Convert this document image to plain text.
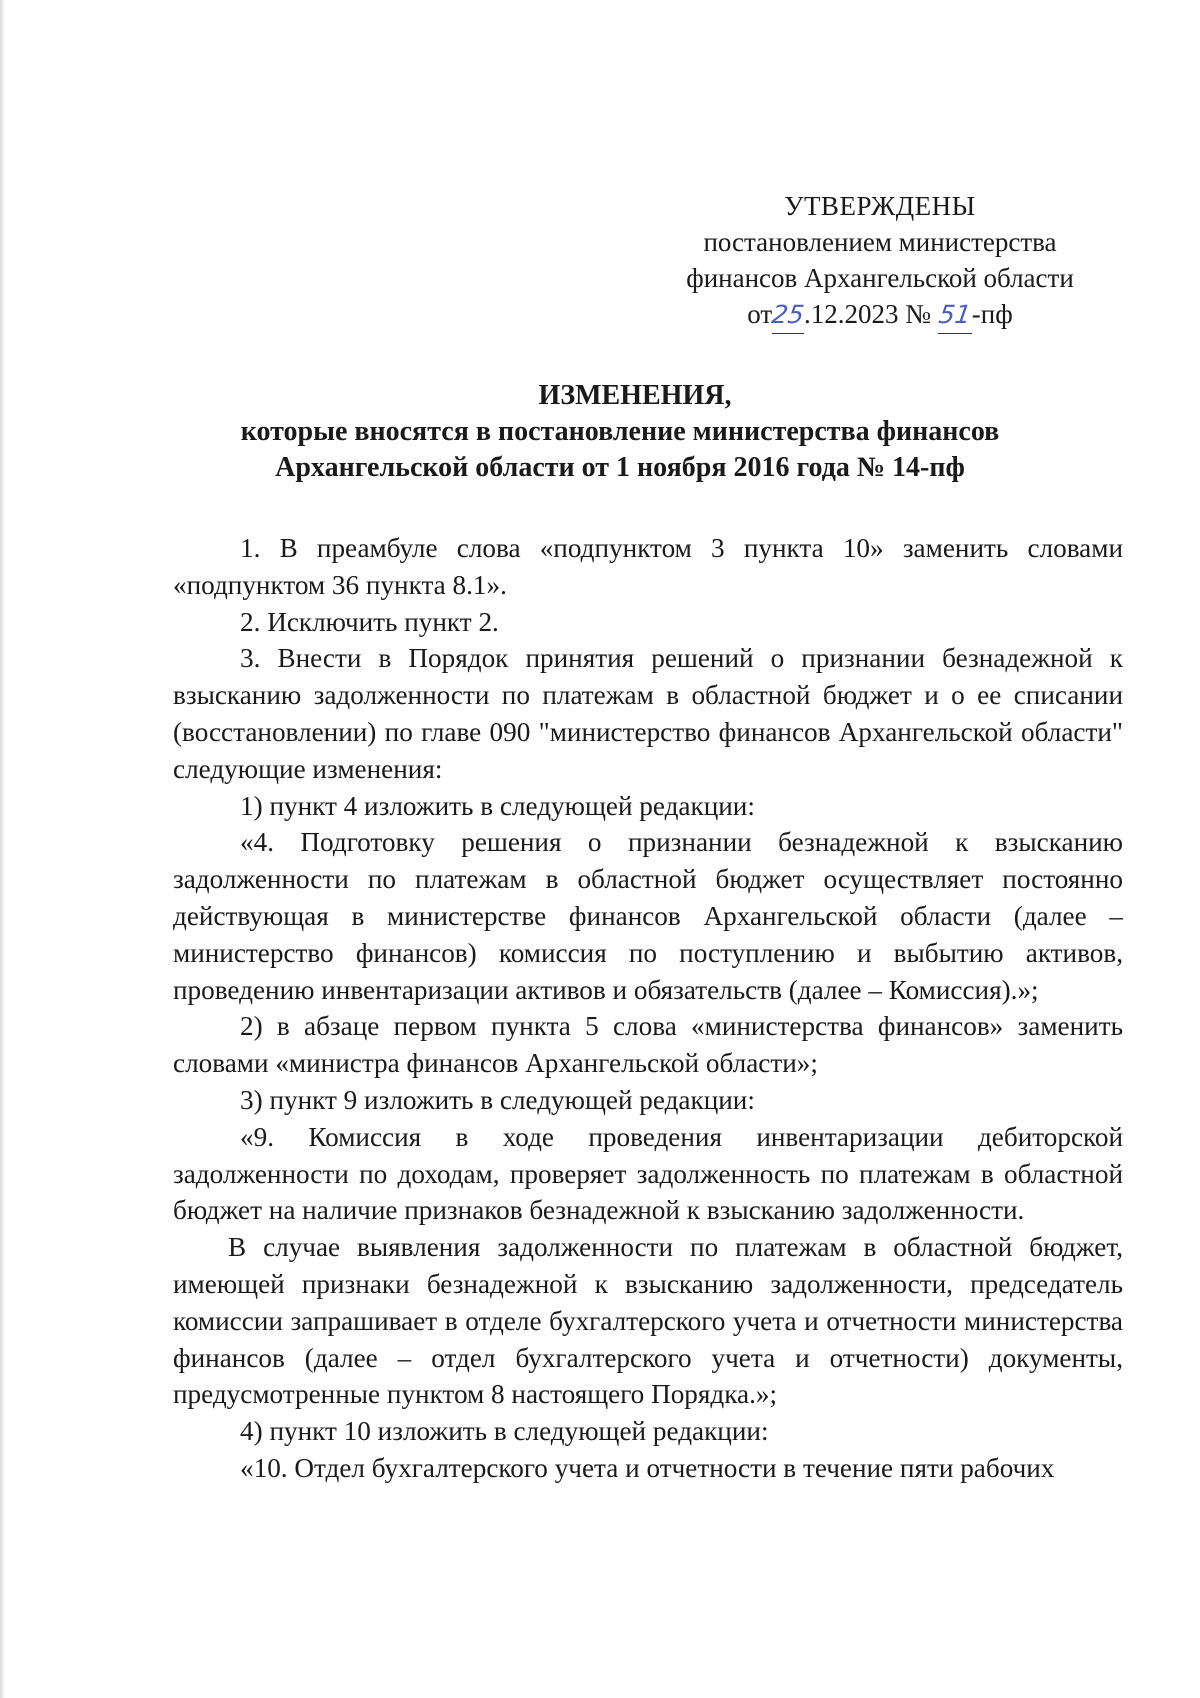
УТВЕРЖДЕНЫ
постановлением министерства
финансов Архангельской области
от25.12.2023 № 51-пф
ИЗМЕНЕНИЯ,
которые вносятся в постановление министерства финансов
Архангельской области от 1 ноября 2016 года № 14-пф

1. В преамбуле слова «подпунктом 3 пункта 10» заменить словами «подпунктом 36 пункта 8.1».

2. Исключить пункт 2.

3. Внести в Порядок принятия решений о признании безнадежной к взысканию задолженности по платежам в областной бюджет и о ее списании (восстановлении) по главе 090 "министерство финансов Архангельской области" следующие изменения:

1) пункт 4 изложить в следующей редакции:

«4. Подготовку решения о признании безнадежной к взысканию задолженности по платежам в областной бюджет осуществляет постоянно действующая в министерстве финансов Архангельской области (далее – министерство финансов) комиссия по поступлению и выбытию активов, проведению инвентаризации активов и обязательств (далее – Комиссия).»;

2) в абзаце первом пункта 5 слова «министерства финансов» заменить словами «министра финансов Архангельской области»;

3) пункт 9 изложить в следующей редакции:

«9. Комиссия в ходе проведения инвентаризации дебиторской задолженности по доходам, проверяет задолженность по платежам в областной бюджет на наличие признаков безнадежной к взысканию задолженности.

В случае выявления задолженности по платежам в областной бюджет, имеющей признаки безнадежной к взысканию задолженности, председатель комиссии запрашивает в отделе бухгалтерского учета и отчетности министерства финансов (далее – отдел бухгалтерского учета и отчетности) документы, предусмотренные пунктом 8 настоящего Порядка.»;

4) пункт 10 изложить в следующей редакции:

«10. Отдел бухгалтерского учета и отчетности в течение пяти рабочих
